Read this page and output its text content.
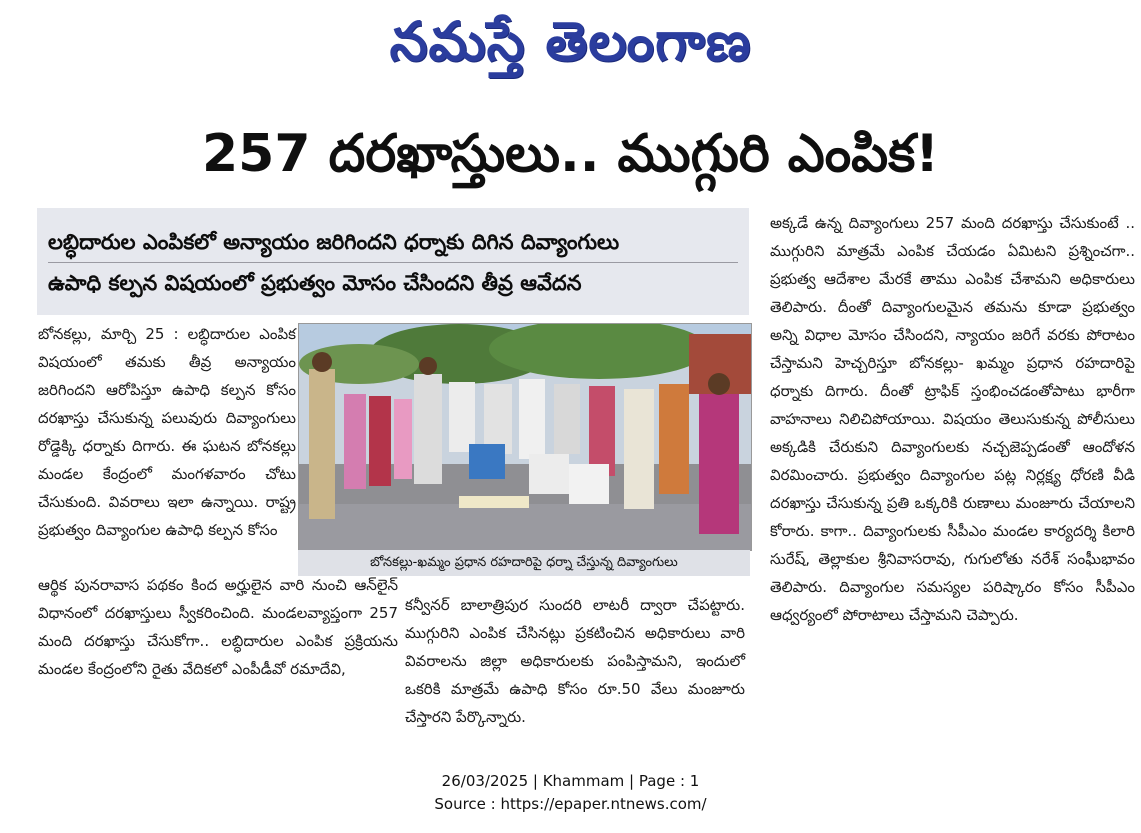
నమస్తే తెలంగాణ
257 దరఖాస్తులు.. ముగ్గురి ఎంపిక!
లబ్ధిదారుల ఎంపికలో అన్యాయం జరిగిందని ధర్నాకు దిగిన దివ్యాంగులు
ఉపాధి కల్పన విషయంలో ప్రభుత్వం మోసం చేసిందని తీవ్ర ఆవేదన
బోనకల్లు, మార్చి 25 : లబ్ధిదారుల ఎంపిక విషయంలో తమకు తీవ్ర అన్యాయం జరిగిందని ఆరోపిస్తూ ఉపాధి కల్పన కోసం దరఖాస్తు చేసుకున్న పలువురు దివ్యాంగులు రోడ్డెక్కి ధర్నాకు దిగారు. ఈ ఘటన బోనకల్లు మండల కేంద్రంలో మంగళవారం చోటు చేసుకుంది. వివరాలు ఇలా ఉన్నాయి. రాష్ట్ర ప్రభుత్వం దివ్యాంగుల ఉపాధి కల్పన కోసం
బోనకల్లు-ఖమ్మం ప్రధాన రహదారిపై ధర్నా చేస్తున్న దివ్యాంగులు
ఆర్థిక పునరావాస పథకం కింద అర్హులైన వారి నుంచి ఆన్‌లైన్ విధానంలో దరఖాస్తులు స్వీకరించింది. మండలవ్యాప్తంగా 257 మంది దరఖాస్తు చేసుకోగా.. లబ్ధిదారుల ఎంపిక ప్రక్రియను మండల కేంద్రంలోని రైతు వేదికలో ఎంపీడీవో రమాదేవి,
కన్వీనర్ బాలాత్రిపుర సుందరి లాటరీ ద్వారా చేపట్టారు. ముగ్గురిని ఎంపిక చేసినట్లు ప్రకటించిన అధికారులు వారి వివరాలను జిల్లా అధికారులకు పంపిస్తామని, ఇందులో ఒకరికి మాత్రమే ఉపాధి కోసం రూ.50 వేలు మంజూరు చేస్తారని పేర్కొన్నారు.
అక్కడే ఉన్న దివ్యాంగులు 257 మంది దరఖాస్తు చేసుకుంటే .. ముగ్గురిని మాత్రమే ఎంపిక చేయడం ఏమిటని ప్రశ్నించగా.. ప్రభుత్వ ఆదేశాల మేరకే తాము ఎంపిక చేశామని అధికారులు తెలిపారు. దీంతో దివ్యాంగులమైన తమను కూడా ప్రభుత్వం అన్ని విధాల మోసం చేసిందని, న్యాయం జరిగే వరకు పోరాటం చేస్తామని హెచ్చరిస్తూ బోనకల్లు- ఖమ్మం ప్రధాన రహదారిపై ధర్నాకు దిగారు. దీంతో ట్రాఫిక్ స్తంభించడంతోపాటు భారీగా వాహనాలు నిలిచిపోయాయి. విషయం తెలుసుకున్న పోలీసులు అక్కడికి చేరుకుని దివ్యాంగులకు నచ్చజెప్పడంతో ఆందోళన విరమించారు. ప్రభుత్వం దివ్యాంగుల పట్ల నిర్లక్ష్య ధోరణి వీడి దరఖాస్తు చేసుకున్న ప్రతి ఒక్కరికి రుణాలు మంజూరు చేయాలని కోరారు. కాగా.. దివ్యాంగులకు సీపీఎం మండల కార్యదర్శి కిలారి సురేష్, తెల్లాకుల శ్రీనివాసరావు, గుగులోతు నరేశ్ సంఘీభావం తెలిపారు. దివ్యాంగుల సమస్యల పరిష్కారం కోసం సీపీఎం ఆధ్వర్యంలో పోరాటాలు చేస్తామని చెప్పారు.
26/03/2025 | Khammam | Page : 1
Source : https://epaper.ntnews.com/
